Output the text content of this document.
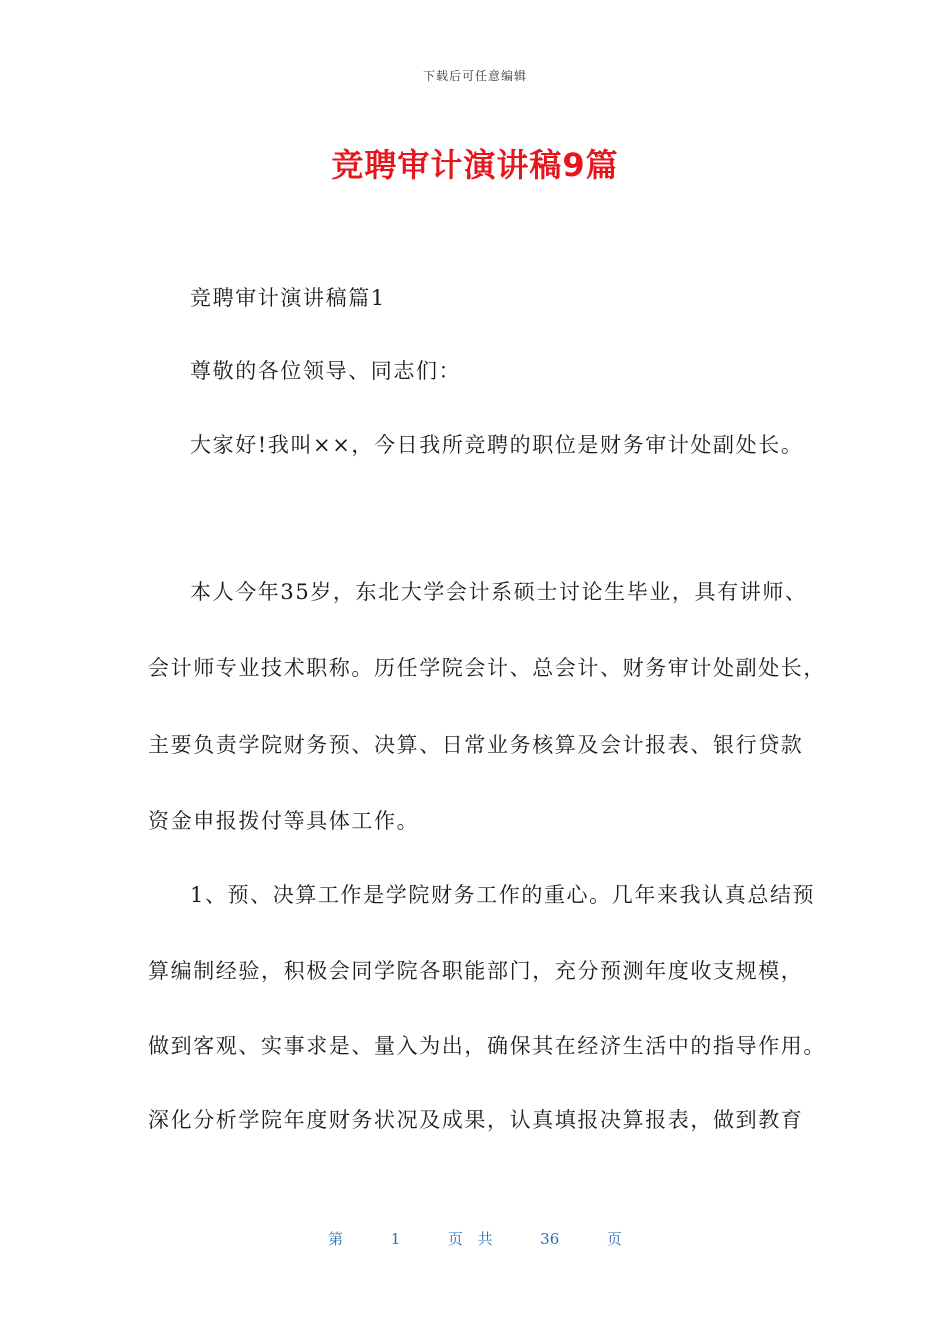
下载后可任意编辑
竞聘审计演讲稿9篇
竞聘审计演讲稿篇1
尊敬的各位领导、同志们：
大家好!我叫××，今日我所竞聘的职位是财务审计处副处长。
本人今年35岁，东北大学会计系硕士讨论生毕业，具有讲师、
会计师专业技术职称。历任学院会计、总会计、财务审计处副处长，
主要负责学院财务预、决算、日常业务核算及会计报表、银行贷款
资金申报拨付等具体工作。
1、预、决算工作是学院财务工作的重心。几年来我认真总结预
算编制经验，积极会同学院各职能部门，充分预测年度收支规模，
做到客观、实事求是、量入为出，确保其在经济生活中的指导作用。
深化分析学院年度财务状况及成果，认真填报决算报表，做到教育
第	1	页 共	36	页
